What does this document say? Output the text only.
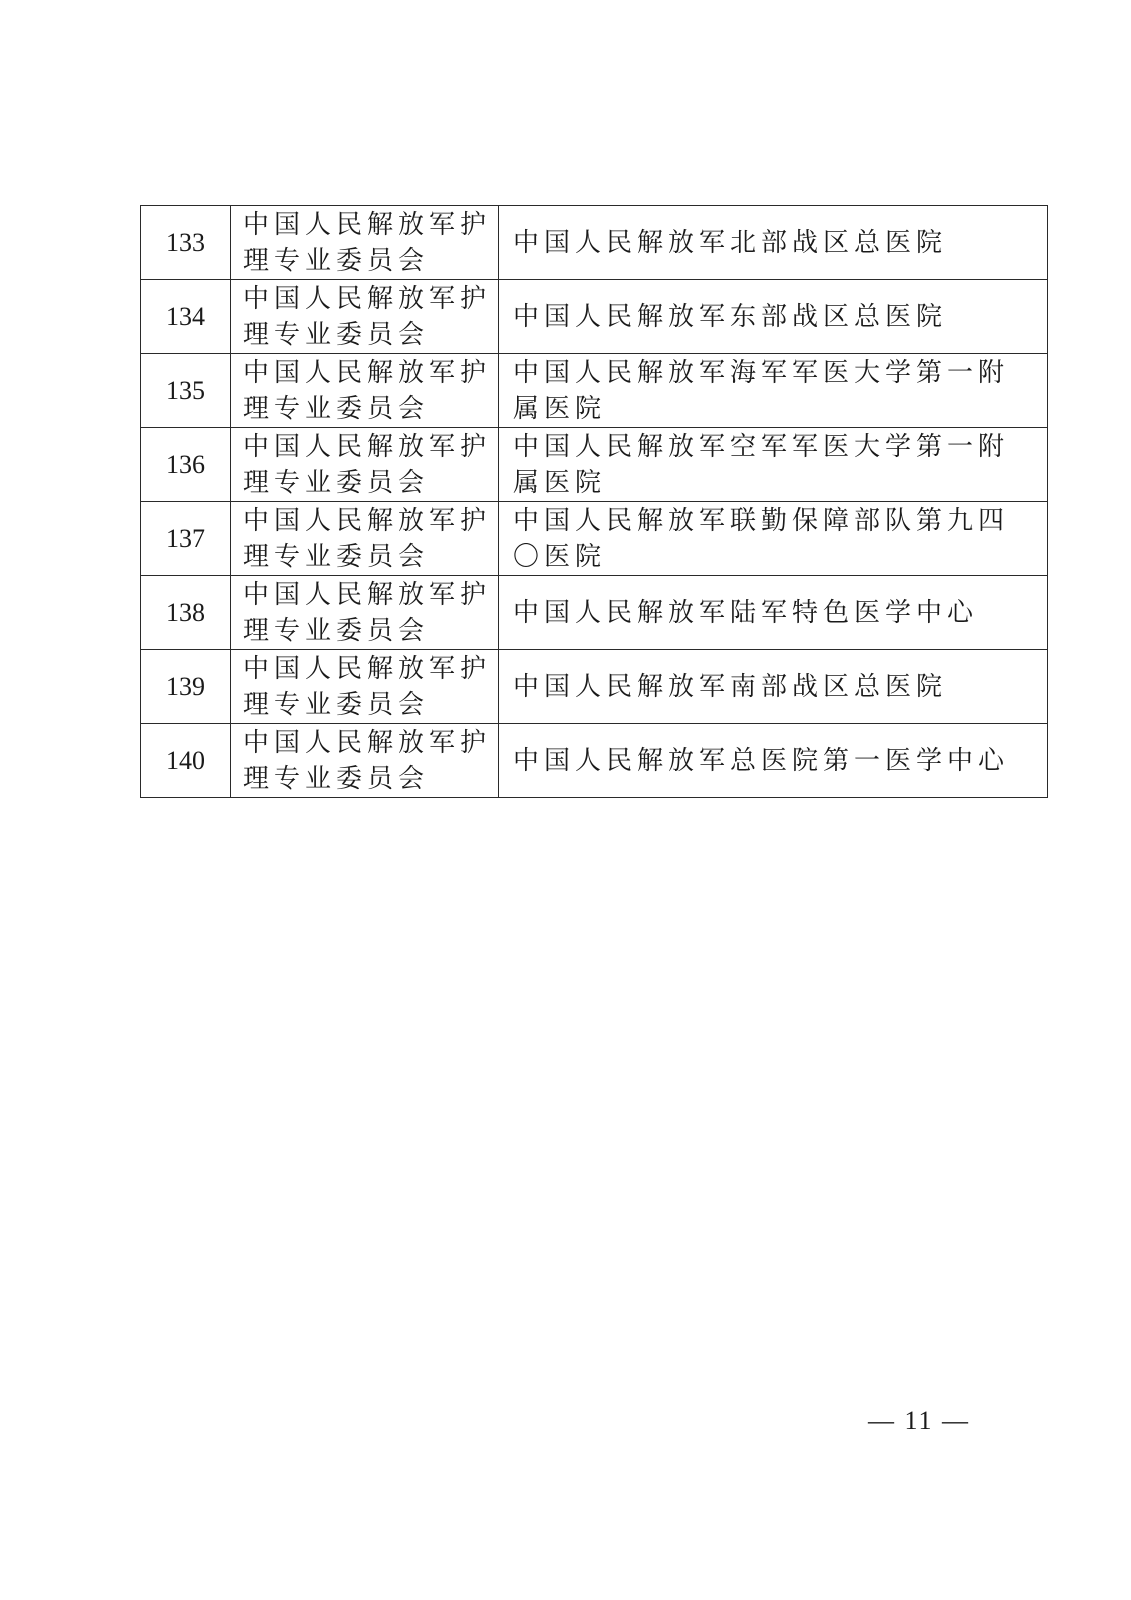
133	中国人民解放军护理专业委员会	中国人民解放军北部战区总医院
134	中国人民解放军护理专业委员会	中国人民解放军东部战区总医院
135	中国人民解放军护理专业委员会	中国人民解放军海军军医大学第一附属医院
136	中国人民解放军护理专业委员会	中国人民解放军空军军医大学第一附属医院
137	中国人民解放军护理专业委员会	中国人民解放军联勤保障部队第九四〇医院
138	中国人民解放军护理专业委员会	中国人民解放军陆军特色医学中心
139	中国人民解放军护理专业委员会	中国人民解放军南部战区总医院
140	中国人民解放军护理专业委员会	中国人民解放军总医院第一医学中心
— 11 —
